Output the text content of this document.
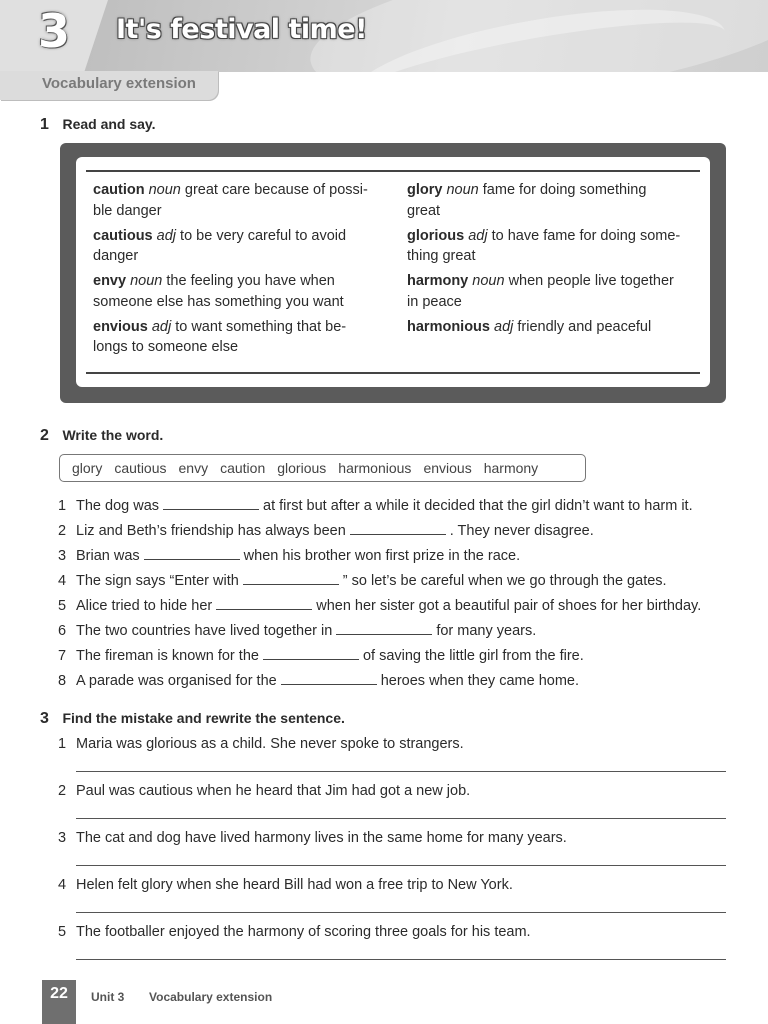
3 It's festival time!
Vocabulary extension
1 Read and say.
caution noun great care because of possi-
ble danger
cautious adj to be very careful to avoid
danger
envy noun the feeling you have when
someone else has something you want
envious adj to want something that be-
longs to someone else
glory noun fame for doing something
great
glorious adj to have fame for doing some-
thing great
harmony noun when people live together
in peace
harmonious adj friendly and peaceful
2 Write the word.
glory cautious envy caution glorious harmonious envious harmony
1 The dog was	at first but after a while it decided that the girl didn’t want to harm it.
2 Liz and Beth’s friendship has always been	. They never disagree.
3 Brian was	when his brother won first prize in the race.
4 The sign says “Enter with	” so let’s be careful when we go through the gates.
5 Alice tried to hide her	when her sister got a beautiful pair of shoes for her birthday.
6 The two countries have lived together in	for many years.
7 The fireman is known for the	of saving the little girl from the fire.
8 A parade was organised for the	heroes when they came home.
3 Find the mistake and rewrite the sentence.
1 Maria was glorious as a child. She never spoke to strangers.
2 Paul was cautious when he heard that Jim had got a new job.
3 The cat and dog have lived harmony lives in the same home for many years.
4 Helen felt glory when she heard Bill had won a free trip to New York.
5 The footballer enjoyed the harmony of scoring three goals for his team.
22	Unit 3 Vocabulary extension
